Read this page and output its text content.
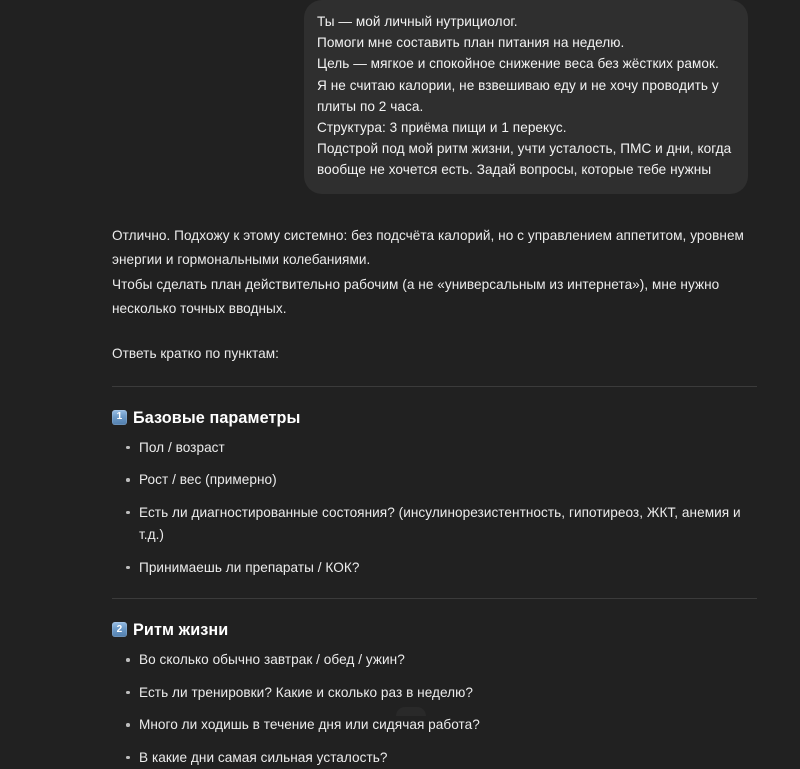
Ты — мой личный нутрициолог.

Помоги мне составить план питания на неделю.

Цель — мягкое и спокойное снижение веса без жёстких рамок.

Я не считаю калории, не взвешиваю еду и не хочу проводить у плиты по 2 часа.

Структура: 3 приёма пищи и 1 перекус.

Подстрой под мой ритм жизни, учти усталость, ПМС и дни, когда вообще не хочется есть. Задай вопросы, которые тебе нужны

Отлично. Подхожу к этому системно: без подсчёта калорий, но с управлением аппетитом, уровнем энергии и гормональными колебаниями.

Чтобы сделать план действительно рабочим (а не «универсальным из интернета»), мне нужно несколько точных вводных.

Ответь кратко по пунктам:

1 Базовые параметры
Пол / возраст
Рост / вес (примерно)
Есть ли диагностированные состояния? (инсулинорезистентность, гипотиреоз, ЖКТ, анемия и т.д.)
Принимаешь ли препараты / КОК?
2 Ритм жизни
Во сколько обычно завтрак / обед / ужин?
Есть ли тренировки? Какие и сколько раз в неделю?
Много ли ходишь в течение дня или сидячая работа?
В какие дни самая сильная усталость?
